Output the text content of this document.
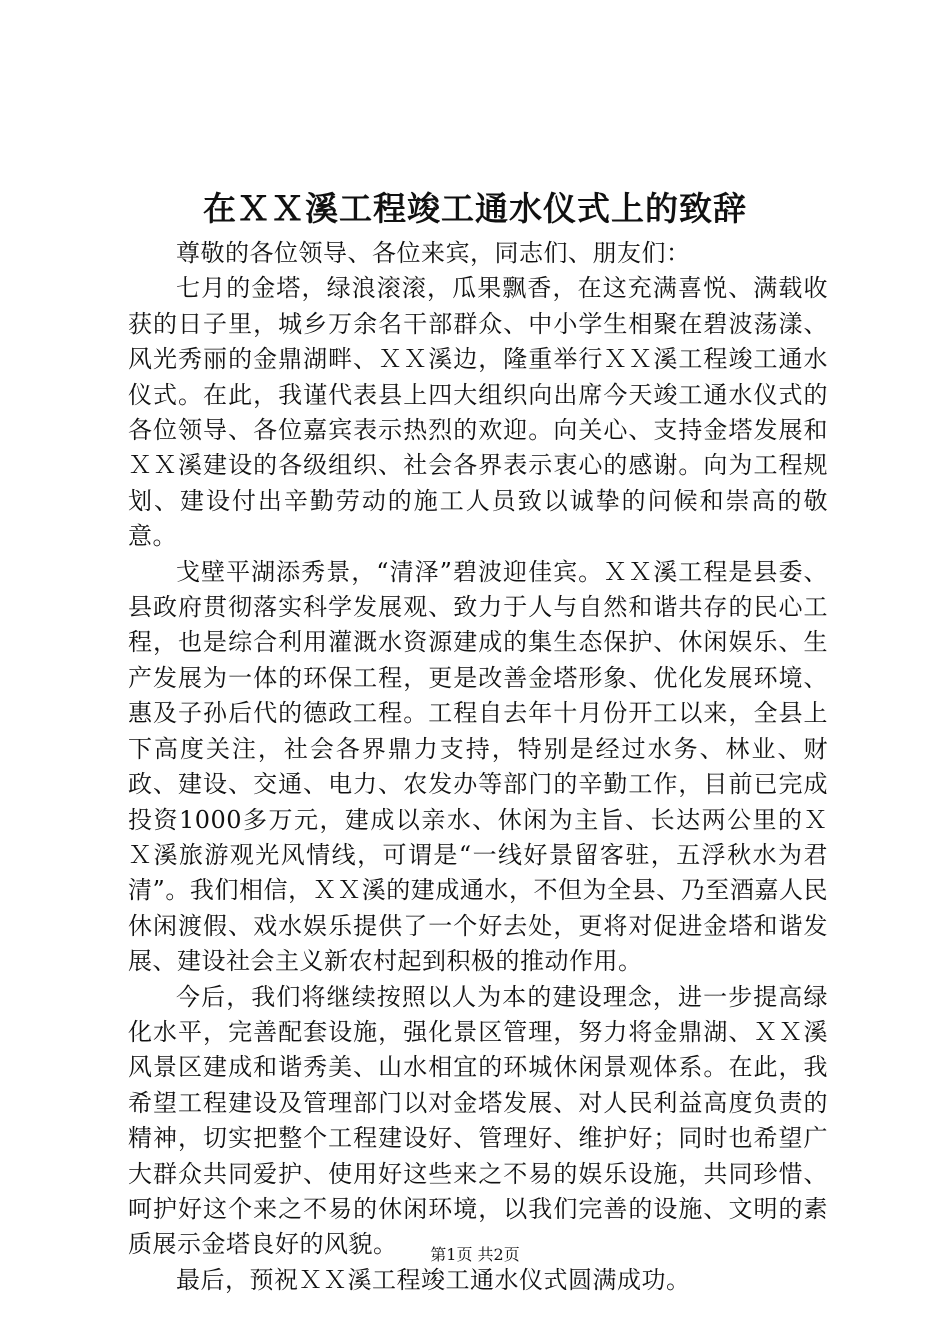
在ＸＸ溪工程竣工通水仪式上的致辞

尊敬的各位领导、各位来宾，同志们、朋友们：

七月的金塔，绿浪滚滚，瓜果飘香，在这充满喜悦、满载收获的日子里，城乡万余名干部群众、中小学生相聚在碧波荡漾、风光秀丽的金鼎湖畔、ＸＸ溪边，隆重举行ＸＸ溪工程竣工通水仪式。在此，我谨代表县上四大组织向出席今天竣工通水仪式的各位领导、各位嘉宾表示热烈的欢迎。向关心、支持金塔发展和ＸＸ溪建设的各级组织、社会各界表示衷心的感谢。向为工程规划、建设付出辛勤劳动的施工人员致以诚挚的问候和崇高的敬意。

戈壁平湖添秀景，“清泽”碧波迎佳宾。ＸＸ溪工程是县委、县政府贯彻落实科学发展观、致力于人与自然和谐共存的民心工程，也是综合利用灌溉水资源建成的集生态保护、休闲娱乐、生产发展为一体的环保工程，更是改善金塔形象、优化发展环境、惠及子孙后代的德政工程。工程自去年十月份开工以来，全县上下高度关注，社会各界鼎力支持，特别是经过水务、林业、财政、建设、交通、电力、农发办等部门的辛勤工作，目前已完成投资1000多万元，建成以亲水、休闲为主旨、长达两公里的ＸＸ溪旅游观光风情线，可谓是“一线好景留客驻，五浮秋水为君清”。我们相信，ＸＸ溪的建成通水，不但为全县、乃至酒嘉人民休闲渡假、戏水娱乐提供了一个好去处，更将对促进金塔和谐发展、建设社会主义新农村起到积极的推动作用。

今后，我们将继续按照以人为本的建设理念，进一步提高绿化水平，完善配套设施，强化景区管理，努力将金鼎湖、ＸＸ溪风景区建成和谐秀美、山水相宜的环城休闲景观体系。在此，我希望工程建设及管理部门以对金塔发展、对人民利益高度负责的精神，切实把整个工程建设好、管理好、维护好；同时也希望广大群众共同爱护、使用好这些来之不易的娱乐设施，共同珍惜、呵护好这个来之不易的休闲环境，以我们完善的设施、文明的素质展示金塔良好的风貌。

最后，预祝ＸＸ溪工程竣工通水仪式圆满成功。

第1页 共2页
